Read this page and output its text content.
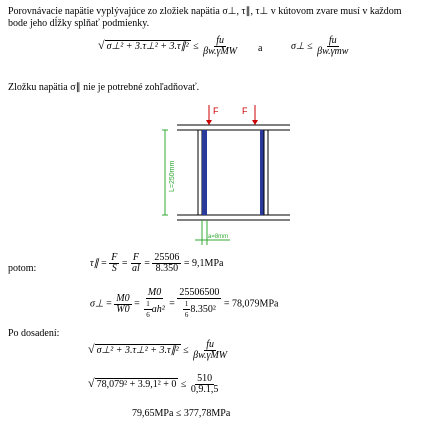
Porovnávacie napätie vyplývajúce zo zložiek napätia σ⊥, τ∥, τ⊥ v kútovom zvare musí v každom
bode jeho dĺžky splňať podmienky.
√ σ⊥² + 3.τ⊥² + 3.τ∥² ≤ $\frac{fu}{\text{βw.γMW}}$ a	σ⊥ ≤ $\frac{fu}{\text{βw.γmw}}$
Zložku napätia σ∥ nie je potrebné zohľadňovať.
F	F
L=250mm
a=8mm
potom:	τ∥ = $\frac{F}{S} = \frac{F}{al} = \frac{25506}{8.350} = 9,1MPa$
σ⊥ = $\frac{M0}{W0} = \frac{M0}{\frac{1}{6} ah^2} = \frac{25506500}{\frac{1}{6} 8.350^2} = 78,079MPa$
Po dosadení:
√ σ⊥² + 3.τ⊥² + 3.τ∥² ≤ $\frac{fu}{\text{βw.γMW}}$
√ $78,079^2 + 3.9,1^2 + 0 \le \frac{510}{0,9.1,5}$
79,65MPa ≤ 377,78MPa
